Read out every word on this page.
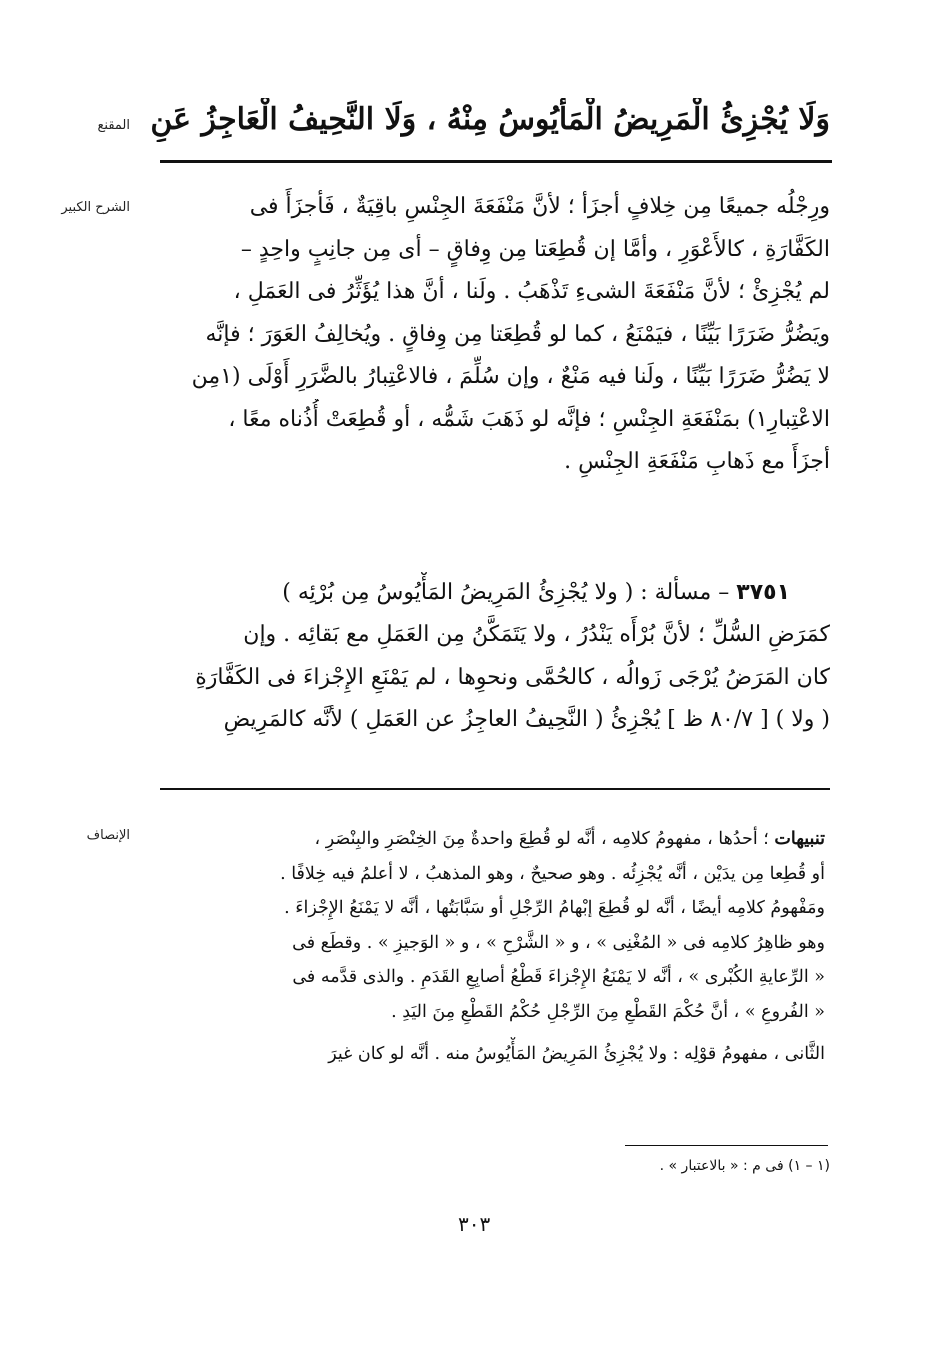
المقنع وَلَا يُجْزِئُ الْمَرِيضُ الْمَأْيُوسُ مِنْهُ ، وَلَا النَّحِيفُ الْعَاجِزُ عَنِ
الشرح الكبير	ورِجْلُه جميعًا مِن خِلافٍ أجزَأ ؛ لأنَّ مَنْفَعَةَ الجِنْسِ باقِيَةٌ ، فَأجزَأَ فى
الكَفَّارَةِ ، كالأَعْوَرِ ، وأمَّا إن قُطِعَتا مِن وِفاقٍ – أى مِن جانِبٍ واحِدٍ –
لم يُجْزِئْ ؛ لأنَّ مَنْفَعَةَ الشىءِ تَذْهَبُ . ولَنا ، أنَّ هذا يُؤَثِّرُ فى العَمَلِ ،
ويَضُرُّ ضَرَرًا بَيِّنًا ، فيَمْنَعُ ، كما لو قُطِعَتا مِن وِفاقٍ . ويُخالِفُ العَوَرَ ؛ فإنَّه
لا يَضُرُّ ضَرَرًا بَيِّنًا ، ولَنا فيه مَنْعٌ ، وإن سُلِّمَ ، فالاعْتِبارُ بالضَّرَرِ أَوْلَى (١مِن
الاعْتِبارِ١) بمَنْفَعَةِ الجِنْسِ ؛ فإنَّه لو ذَهَبَ شَمُّه ، أو قُطِعَتْ أُذُناه معًا ،
أجزَأَ مع ذَهابِ مَنْفَعَةِ الجِنْسِ .
٣٧٥١ – مسألة : ( ولا يُجْزِئُ المَرِيضُ المَأْيُوسُ مِن بُرْئِه )
كمَرَضِ السُّلِّ ؛ لأنَّ بُرْأَه يَنْدُرُ ، ولا يَتَمَكَّنُ مِن العَمَلِ مع بَقائِه . وإن
كان المَرَضُ يُرْجَى زَوالُه ، كالحُمَّى ونحوِها ، لم يَمْنَعِ الإِجْزاءَ فى الكَفَّارَةِ
( ولا ) [ ٨٠/٧ ظ ] يُجْزِئُ ( النَّحِيفُ العاجِزُ عن العَمَلِ ) لأنَّه كالمَرِيضِ
الإنصاف	تنبيهات ؛ أحدُها ، مفهومُ كلامِه ، أنَّه لو قُطِعَ واحدةٌ مِنَ الخِنْصَرِ والبِنْصَرِ ،
أو قُطِعا مِن يدَيْن ، أنَّه يُجْزِئُه . وهو صحيحٌ ، وهو المذهبُ ، لا أعلمُ فيه خِلافًا .
ومَفْهومُ كلامِه أيضًا ، أنَّه لو قُطِعَ إبْهامُ الرِّجْلِ أو سَبَّابَتُها ، أنَّه لا يَمْنَعُ الإِجْزاءَ .
وهو ظاهِرُ كلامِه فى « المُغْنِى » ، و « الشَّرْحِ » ، و « الوَجيزِ » . وقطَع فى
« الرِّعايةِ الكُبْرى » ، أنَّه لا يَمْنَعُ الإِجْزاءَ قَطْعُ أصابِعِ القَدَمِ . والذى قدَّمه فى
« الفُروعِ » ، أنَّ حُكْمَ القَطْعِ مِنَ الرِّجْلِ حُكْمُ القَطْعِ مِنَ اليَدِ .
الثَّانى ، مفهومُ قوْلِه : ولا يُجْزِئُ المَرِيضُ المَأْيُوسُ منه . أنَّه لو كان غيرَ
(١ – ١) فى م : « بالاعتبار » .
٣٠٣
